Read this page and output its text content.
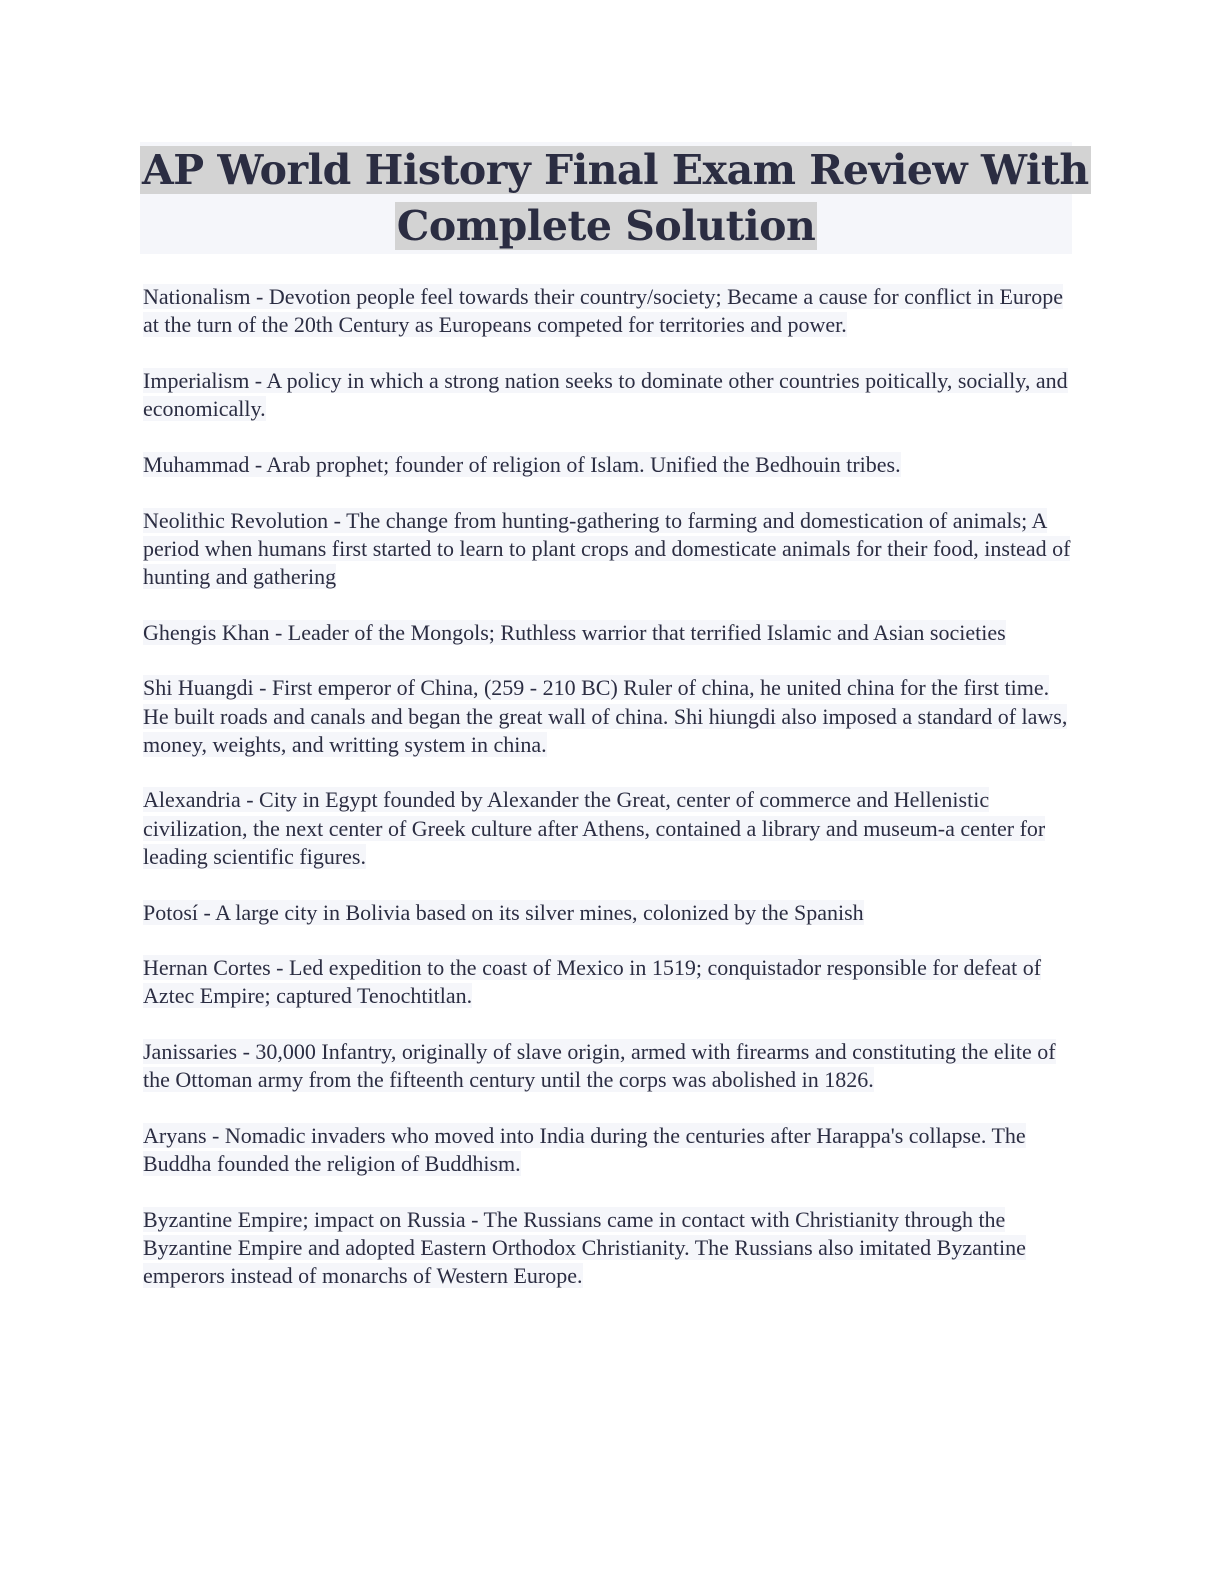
AP World History Final Exam Review With
Complete Solution

Nationalism - Devotion people feel towards their country/society; Became a cause for conflict in Europe at the turn of the 20th Century as Europeans competed for territories and power.

Imperialism - A policy in which a strong nation seeks to dominate other countries poitically, socially, and economically.

Muhammad - Arab prophet; founder of religion of Islam. Unified the Bedhouin tribes.

Neolithic Revolution - The change from hunting-gathering to farming and domestication of animals; A period when humans first started to learn to plant crops and domesticate animals for their food, instead of hunting and gathering

Ghengis Khan - Leader of the Mongols; Ruthless warrior that terrified Islamic and Asian societies

Shi Huangdi - First emperor of China, (259 - 210 BC) Ruler of china, he united china for the first time. He built roads and canals and began the great wall of china. Shi hiungdi also imposed a standard of laws, money, weights, and writting system in china.

Alexandria - City in Egypt founded by Alexander the Great, center of commerce and Hellenistic civilization, the next center of Greek culture after Athens, contained a library and museum-a center for leading scientific figures.

Potosí - A large city in Bolivia based on its silver mines, colonized by the Spanish

Hernan Cortes - Led expedition to the coast of Mexico in 1519; conquistador responsible for defeat of Aztec Empire; captured Tenochtitlan.

Janissaries - 30,000 Infantry, originally of slave origin, armed with firearms and constituting the elite of the Ottoman army from the fifteenth century until the corps was abolished in 1826.

Aryans - Nomadic invaders who moved into India during the centuries after Harappa's collapse. The Buddha founded the religion of Buddhism.

Byzantine Empire; impact on Russia - The Russians came in contact with Christianity through the Byzantine Empire and adopted Eastern Orthodox Christianity. The Russians also imitated Byzantine emperors instead of monarchs of Western Europe.
